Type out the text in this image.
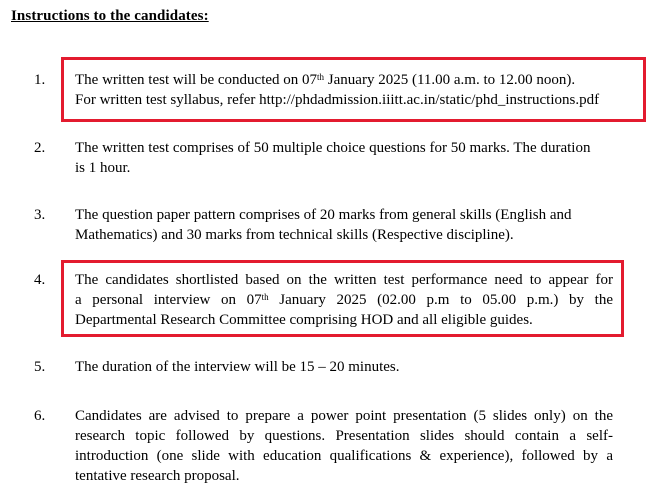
Instructions to the candidates:
1.	The written test will be conducted on 07th January 2025 (11.00 a.m. to 12.00 noon).
For written test syllabus, refer http://phdadmission.iiitt.ac.in/static/phd_instructions.pdf
2.	The written test comprises of 50 multiple choice questions for 50 marks. The duration
is 1 hour.
3.	The question paper pattern comprises of 20 marks from general skills (English and
Mathematics) and 30 marks from technical skills (Respective discipline).
4.	The candidates shortlisted based on the written test performance need to appear for
a personal interview on 07th January 2025 (02.00 p.m to 05.00 p.m.) by the
Departmental Research Committee comprising HOD and all eligible guides.
5.	The duration of the interview will be 15 – 20 minutes.
6.	Candidates are advised to prepare a power point presentation (5 slides only) on the
research topic followed by questions. Presentation slides should contain a self-
introduction (one slide with education qualifications & experience), followed by a
tentative research proposal.
